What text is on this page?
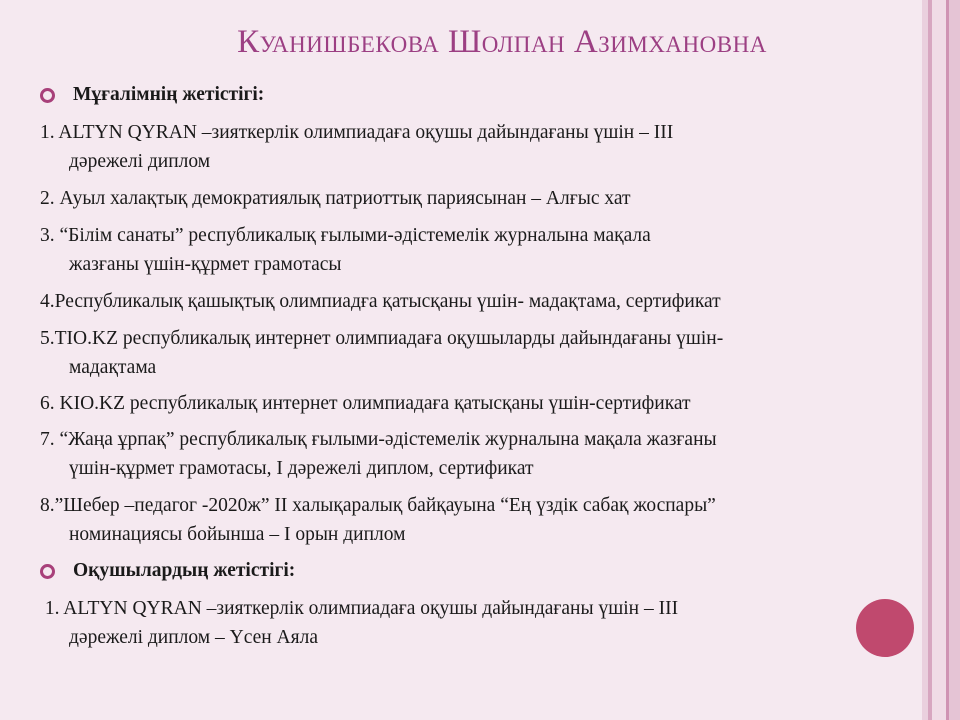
Куанишбекова Шолпан Азимхановна
Мұғалімнің жетістігі:
1. ALTYN QYRAN –зияткерлік олимпиадаға оқушы дайындағаны үшін – III
дәрежелі диплом
2. Ауыл халақтық демократиялық патриоттық париясынан – Алғыс хат
3. “Білім санаты” республикалық ғылыми-әдістемелік журналына мақала
жазғаны үшін-құрмет грамотасы
4.Республикалық қашықтық олимпиадға қатысқаны үшін- мадақтама, сертификат
5.TIO.KZ республикалық интернет олимпиадаға оқушыларды дайындағаны үшін-
мадақтама
6. KIO.KZ республикалық интернет олимпиадаға қатысқаны үшін-сертификат
7. “Жаңа ұрпақ” республикалық ғылыми-әдістемелік журналына мақала жазғаны
үшін-құрмет грамотасы, I дәрежелі диплом, сертификат
8.”Шебер –педагог -2020ж” II халықаралық байқауына “Ең үздік сабақ жоспары”
номинациясы бойынша – I орын диплом
Оқушылардың жетістігі:
1. ALTYN QYRAN –зияткерлік олимпиадаға оқушы дайындағаны үшін – III
дәрежелі диплом – Үсен Аяла
